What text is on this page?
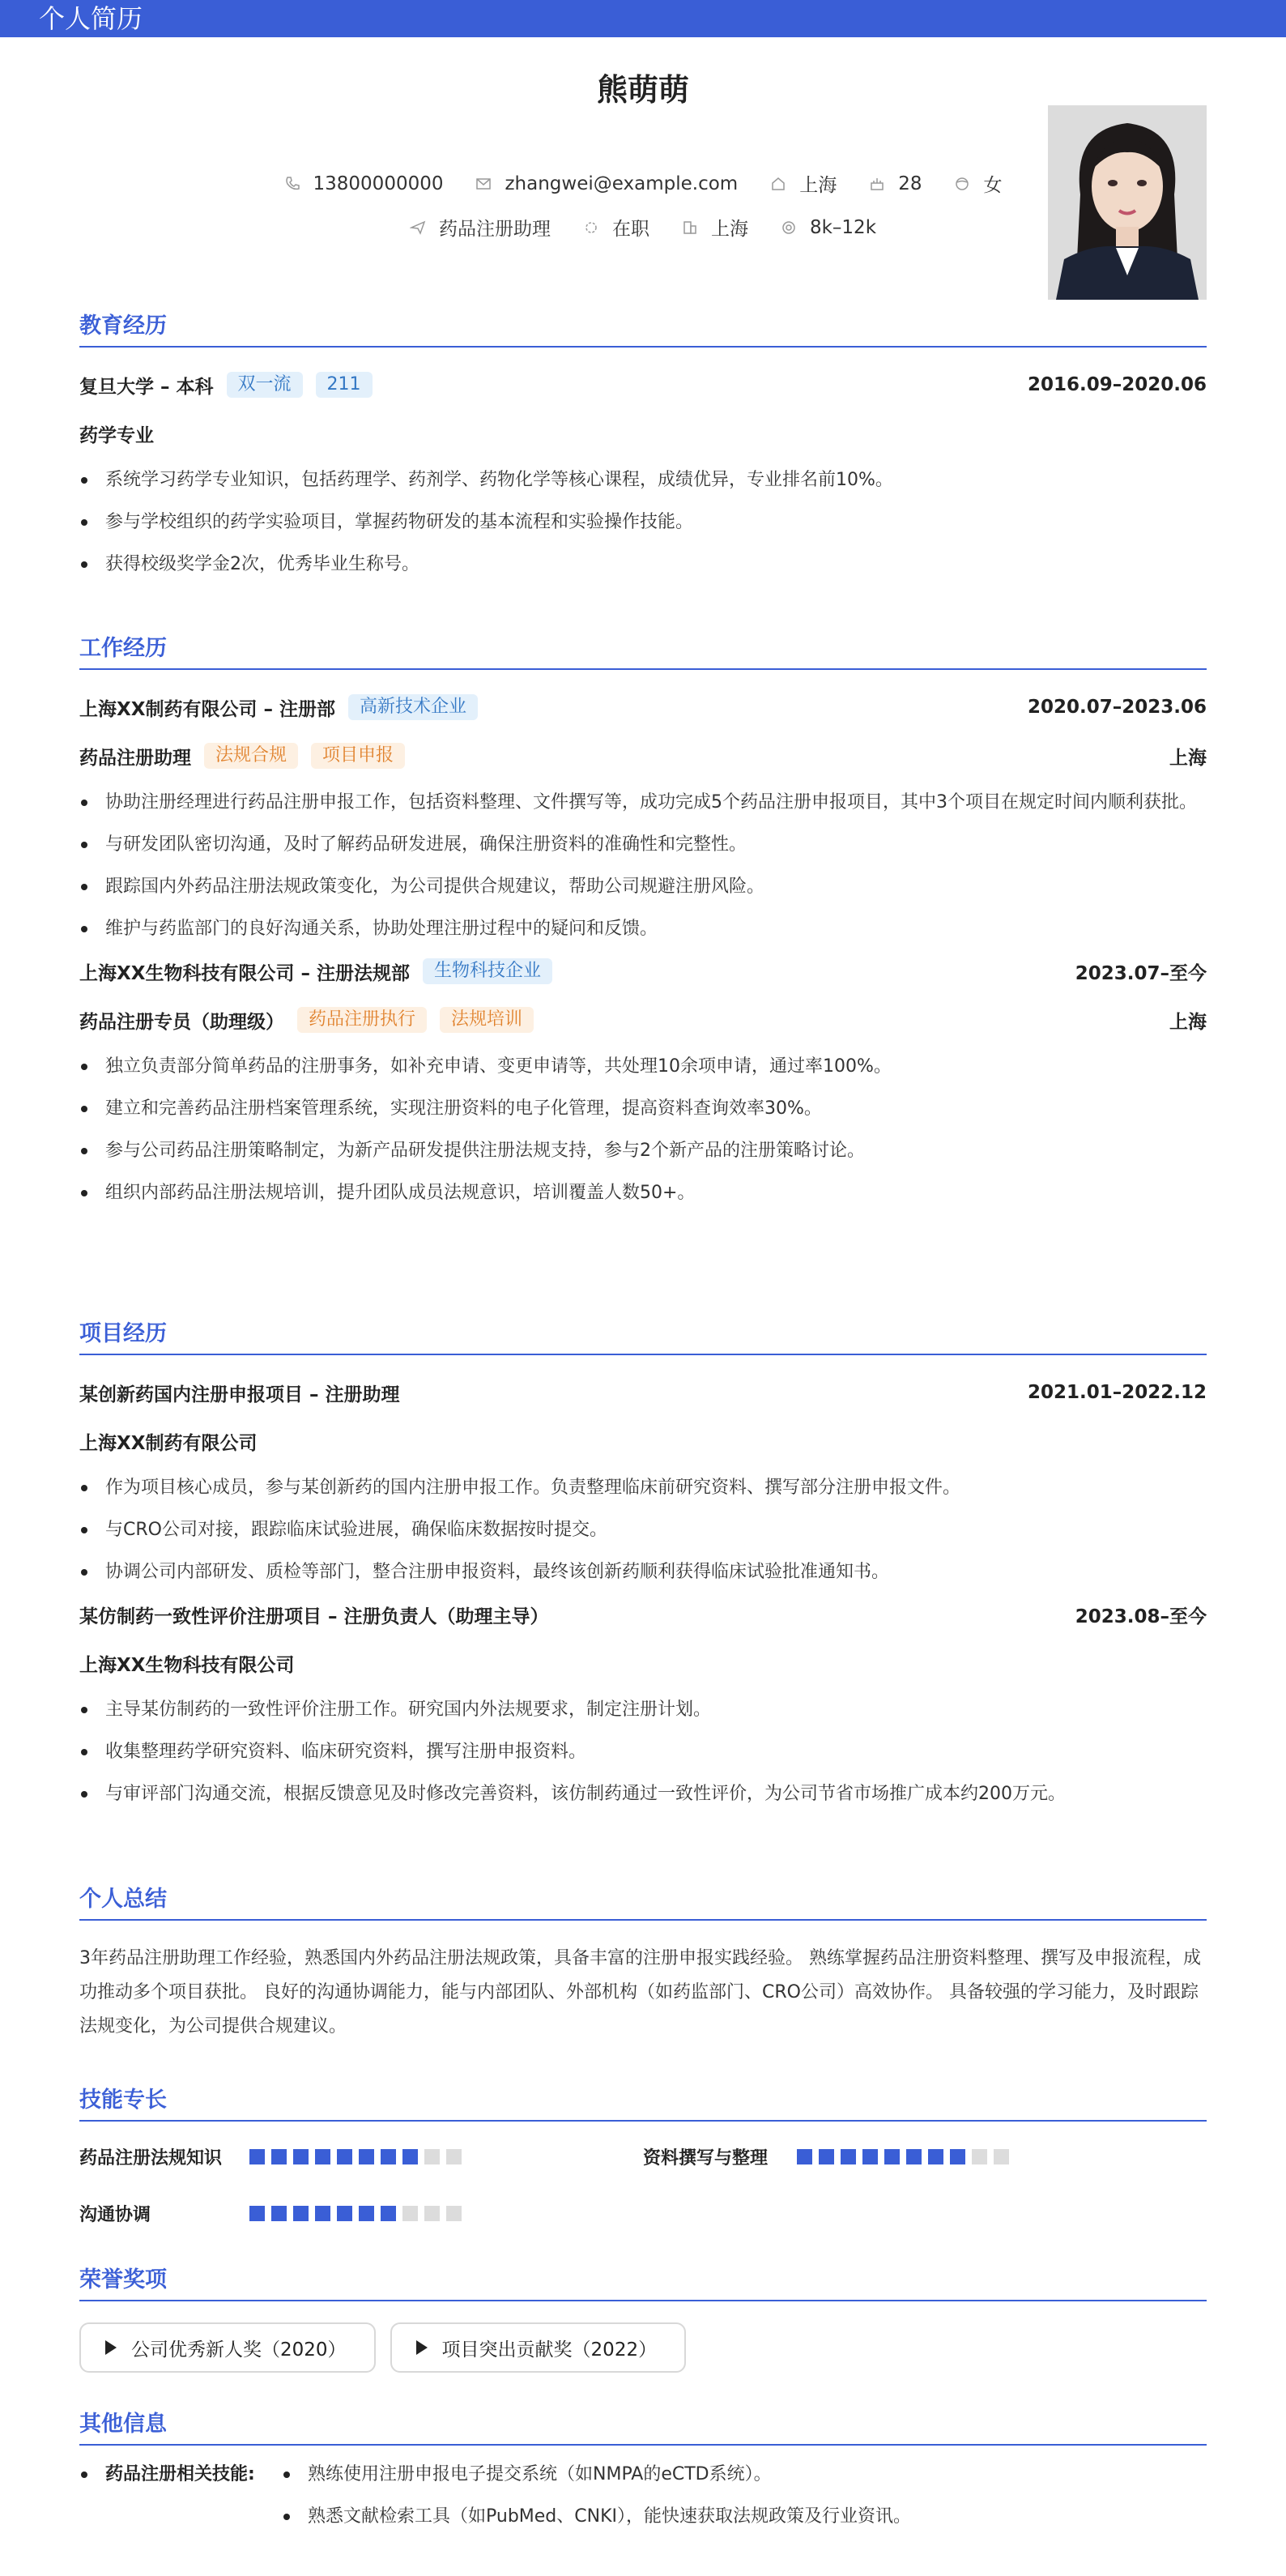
个人简历
熊萌萌
13800000000	zhangwei@example.com	上海	28	女
药品注册助理	在职	上海	8k–12k
教育经历
复旦大学 – 本科	双一流	211	2016.09–2020.06
药学专业
系统学习药学专业知识，包括药理学、药剂学、药物化学等核心课程，成绩优异，专业排名前10%。
参与学校组织的药学实验项目，掌握药物研发的基本流程和实验操作技能。
获得校级奖学金2次，优秀毕业生称号。
工作经历
上海XX制药有限公司 – 注册部	高新技术企业	2020.07–2023.06
药品注册助理	法规合规	项目申报	上海
协助注册经理进行药品注册申报工作，包括资料整理、文件撰写等，成功完成5个药品注册申报项目，其中3个项目在规定时间内顺利获批。
与研发团队密切沟通，及时了解药品研发进展，确保注册资料的准确性和完整性。
跟踪国内外药品注册法规政策变化，为公司提供合规建议，帮助公司规避注册风险。
维护与药监部门的良好沟通关系，协助处理注册过程中的疑问和反馈。
上海XX生物科技有限公司 – 注册法规部	生物科技企业	2023.07–至今
药品注册专员（助理级）	药品注册执行	法规培训	上海
独立负责部分简单药品的注册事务，如补充申请、变更申请等，共处理10余项申请，通过率100%。
建立和完善药品注册档案管理系统，实现注册资料的电子化管理，提高资料查询效率30%。
参与公司药品注册策略制定，为新产品研发提供注册法规支持，参与2个新产品的注册策略讨论。
组织内部药品注册法规培训，提升团队成员法规意识，培训覆盖人数50+。
项目经历
某创新药国内注册申报项目 – 注册助理	2021.01–2022.12
上海XX制药有限公司
作为项目核心成员，参与某创新药的国内注册申报工作。负责整理临床前研究资料、撰写部分注册申报文件。
与CRO公司对接，跟踪临床试验进展，确保临床数据按时提交。
协调公司内部研发、质检等部门，整合注册申报资料，最终该创新药顺利获得临床试验批准通知书。
某仿制药一致性评价注册项目 – 注册负责人（助理主导）	2023.08–至今
上海XX生物科技有限公司
主导某仿制药的一致性评价注册工作。研究国内外法规要求，制定注册计划。
收集整理药学研究资料、临床研究资料，撰写注册申报资料。
与审评部门沟通交流，根据反馈意见及时修改完善资料，该仿制药通过一致性评价，为公司节省市场推广成本约200万元。
个人总结
3年药品注册助理工作经验，熟悉国内外药品注册法规政策，具备丰富的注册申报实践经验。 熟练掌握药品注册资料整理、撰写及申报流程，成功推动多个项目获批。 良好的沟通协调能力，能与内部团队、外部机构（如药监部门、CRO公司）高效协作。 具备较强的学习能力，及时跟踪法规变化，为公司提供合规建议。
技能专长
药品注册法规知识	资料撰写与整理
沟通协调
荣誉奖项
公司优秀新人奖（2020）	项目突出贡献奖（2022）
其他信息
药品注册相关技能:	熟练使用注册申报电子提交系统（如NMPA的eCTD系统）。
熟悉文献检索工具（如PubMed、CNKI），能快速获取法规政策及行业资讯。
